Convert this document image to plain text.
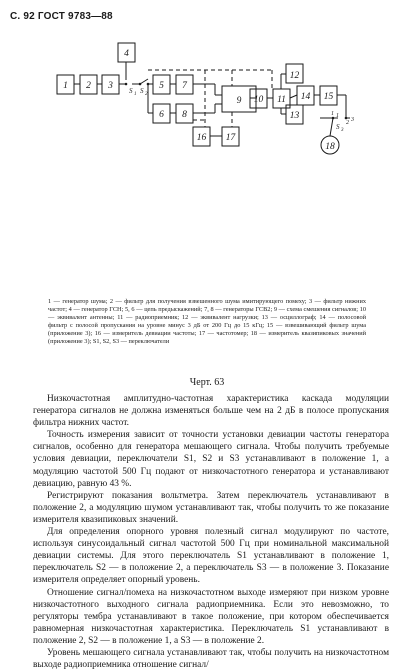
С. 92 ГОСТ 9783—88
1 2 3
4
5 7
6 8
9 10 11
12
13
14 15
16 17
18
S 1 S 2
S 3
1
2 3
1
1 — генератор шума; 2 — фильтр для получения взвешенного шума имитирующего помеху; 3 — фильтр нижних частот; 4 — генератор ГСН; 5, 6 — цепь предыскажений; 7, 8 — генераторы ГСВ2; 9 — схема смешения сигналов; 10 — эквивалент антенны; 11 — радиоприемник; 12 — эквивалент нагрузки; 13 — осциллограф; 14 — полосовой фильтр с полосой пропускания на уровне минус 3 дБ от 200 Гц до 15 кГц; 15 — взвешивающий фильтр шума (приложение 3); 16 — измеритель девиации частоты; 17 — частотомер; 18 — измеритель квазипиковых значений (приложение 3); S1, S2, S3 — переключатели
Черт. 63

Низкочастотная амплитудно-частотная характеристика каскада модуляции генератора сигналов не должна изменяться больше чем на 2 дБ в полосе пропускания фильтра нижних частот.

Точность измерения зависит от точности установки девиации частоты генератора сигналов, особенно для генератора мешающего сигнала. Чтобы получить требуемые условия девиации, переключатели S1, S2 и S3 устанавливают в положение 1, а модуляцию частотой 500 Гц подают от низкочастотного генератора и устанавливают девиацию, равную 43 %.

Регистрируют показания вольтметра. Затем переключатель устанавливают в положение 2, а модуляцию шумом устанавливают так, чтобы получить то же показание измерителя квазипиковых значений.

Для определения опорного уровня полезный сигнал модулируют по частоте, используя синусоидальный сигнал частотой 500 Гц при номинальной максимальной девиации системы. Для этого переключатель S1 устанавливают в положение 1, переключатель S2 — в положение 2, а переключатель S3 — в положение 3. Показание измерителя определяет опорный уровень.

Отношение сигнал/помеха на низкочастотном выходе измеряют при низком уровне низкочастотного выходного сигнала радиоприемника. Если это невозможно, то регуляторы тембра устанавливают в такое положение, при котором обеспечивается равномерная низкочастотная характеристика. Переключатель S1 устанавливают в положение 2, S2 — в положение 1, а S3 — в положение 2.

Уровень мешающего сигнала устанавливают так, чтобы получить на низкочастотном выходе радиоприемника отношение сигнал/
